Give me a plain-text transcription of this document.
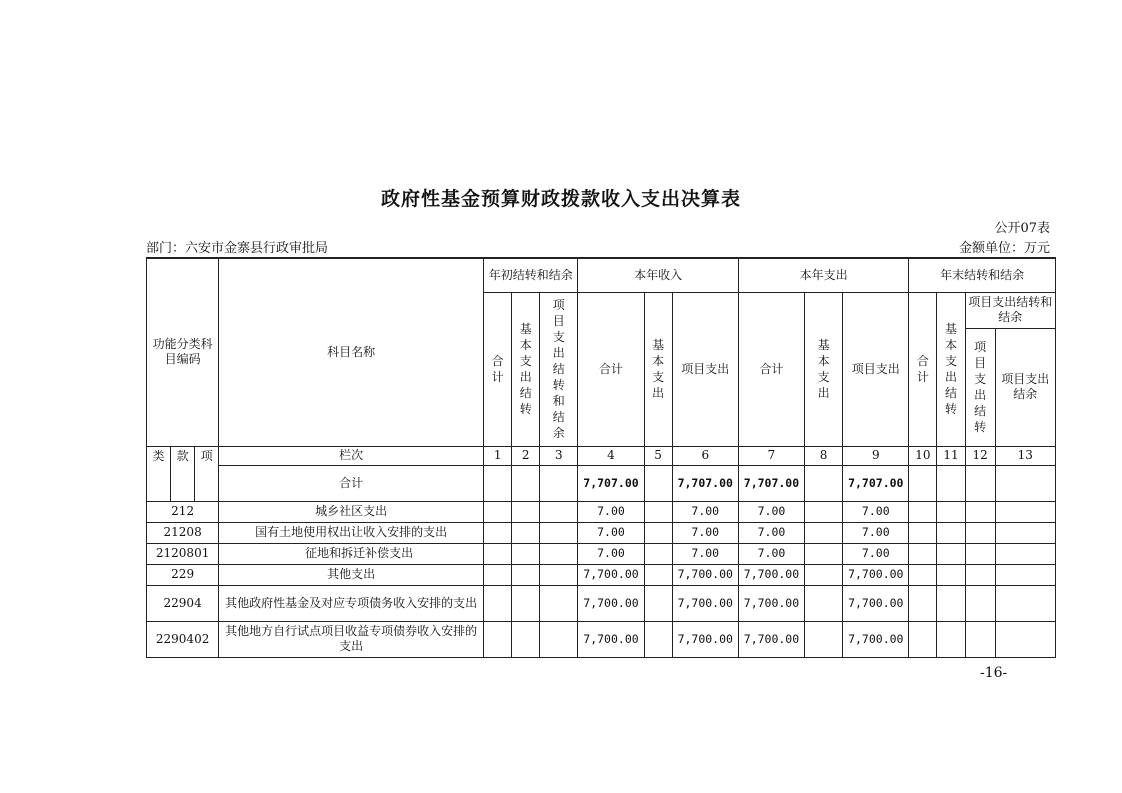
政府性基金预算财政拨款收入支出决算表
公开07表
部门：六安市金寨县行政审批局	金额单位：万元
功能分类科目编码			科目名称	年初结转和结余			本年收入			本年支出			年末结转和结余			
				合计	基本支出结转	项目支出结转和结余	合计	基本支出	项目支出	合计	基本支出	项目支出	合计	基本支出结转	项目支出结转和结余	
															项目支出结转	项目支出结余
类	款	项	栏次	1	2	3	4	5	6	7	8	9	10	11	12	13
			合计				7,707.00		7,707.00	7,707.00		7,707.00				
212			城乡社区支出				7.00		7.00	7.00		7.00				
21208			国有土地使用权出让收入安排的支出				7.00		7.00	7.00		7.00				
2120801			征地和拆迁补偿支出				7.00		7.00	7.00		7.00				
229			其他支出				7,700.00		7,700.00	7,700.00		7,700.00				
22904			其他政府性基金及对应专项债务收入安排的支出				7,700.00		7,700.00	7,700.00		7,700.00				
2290402			其他地方自行试点项目收益专项债券收入安排的支出				7,700.00		7,700.00	7,700.00		7,700.00				
-16-
